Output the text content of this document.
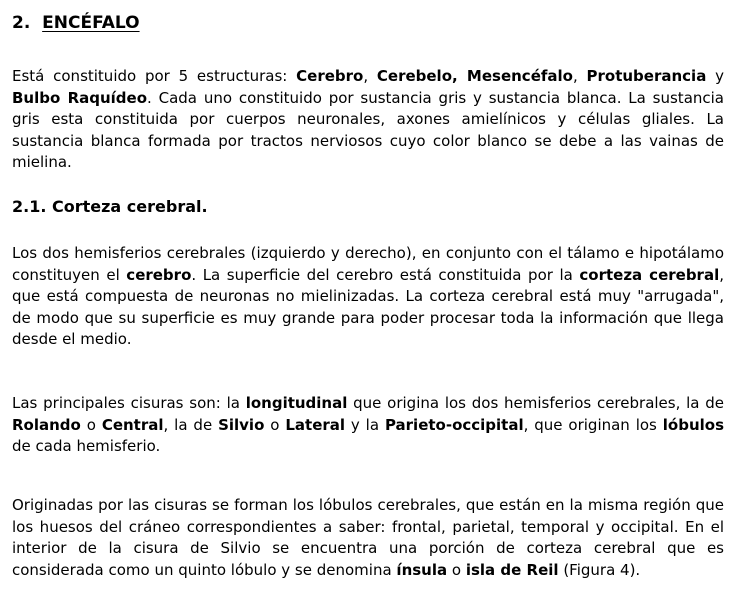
2. ENCÉFALO

Está constituido por 5 estructuras: Cerebro, Cerebelo, Mesencéfalo, Protuberancia y Bulbo Raquídeo. Cada uno constituido por sustancia gris y sustancia blanca. La sustancia gris esta constituida por cuerpos neuronales, axones amielínicos y células gliales. La sustancia blanca formada por tractos nerviosos cuyo color blanco se debe a las vainas de mielina.

2.1. Corteza cerebral.

Los dos hemisferios cerebrales (izquierdo y derecho), en conjunto con el tálamo e hipotálamo constituyen el cerebro. La superficie del cerebro está constituida por la corteza cerebral, que está compuesta de neuronas no mielinizadas. La corteza cerebral está muy "arrugada", de modo que su superficie es muy grande para poder procesar toda la información que llega desde el medio.

Las principales cisuras son: la longitudinal que origina los dos hemisferios cerebrales, la de Rolando o Central, la de Silvio o Lateral y la Parieto-occipital, que originan los lóbulos de cada hemisferio.

Originadas por las cisuras se forman los lóbulos cerebrales, que están en la misma región que los huesos del cráneo correspondientes a saber: frontal, parietal, temporal y occipital. En el interior de la cisura de Silvio se encuentra una porción de corteza cerebral que es considerada como un quinto lóbulo y se denomina ínsula o isla de Reil (Figura 4).
